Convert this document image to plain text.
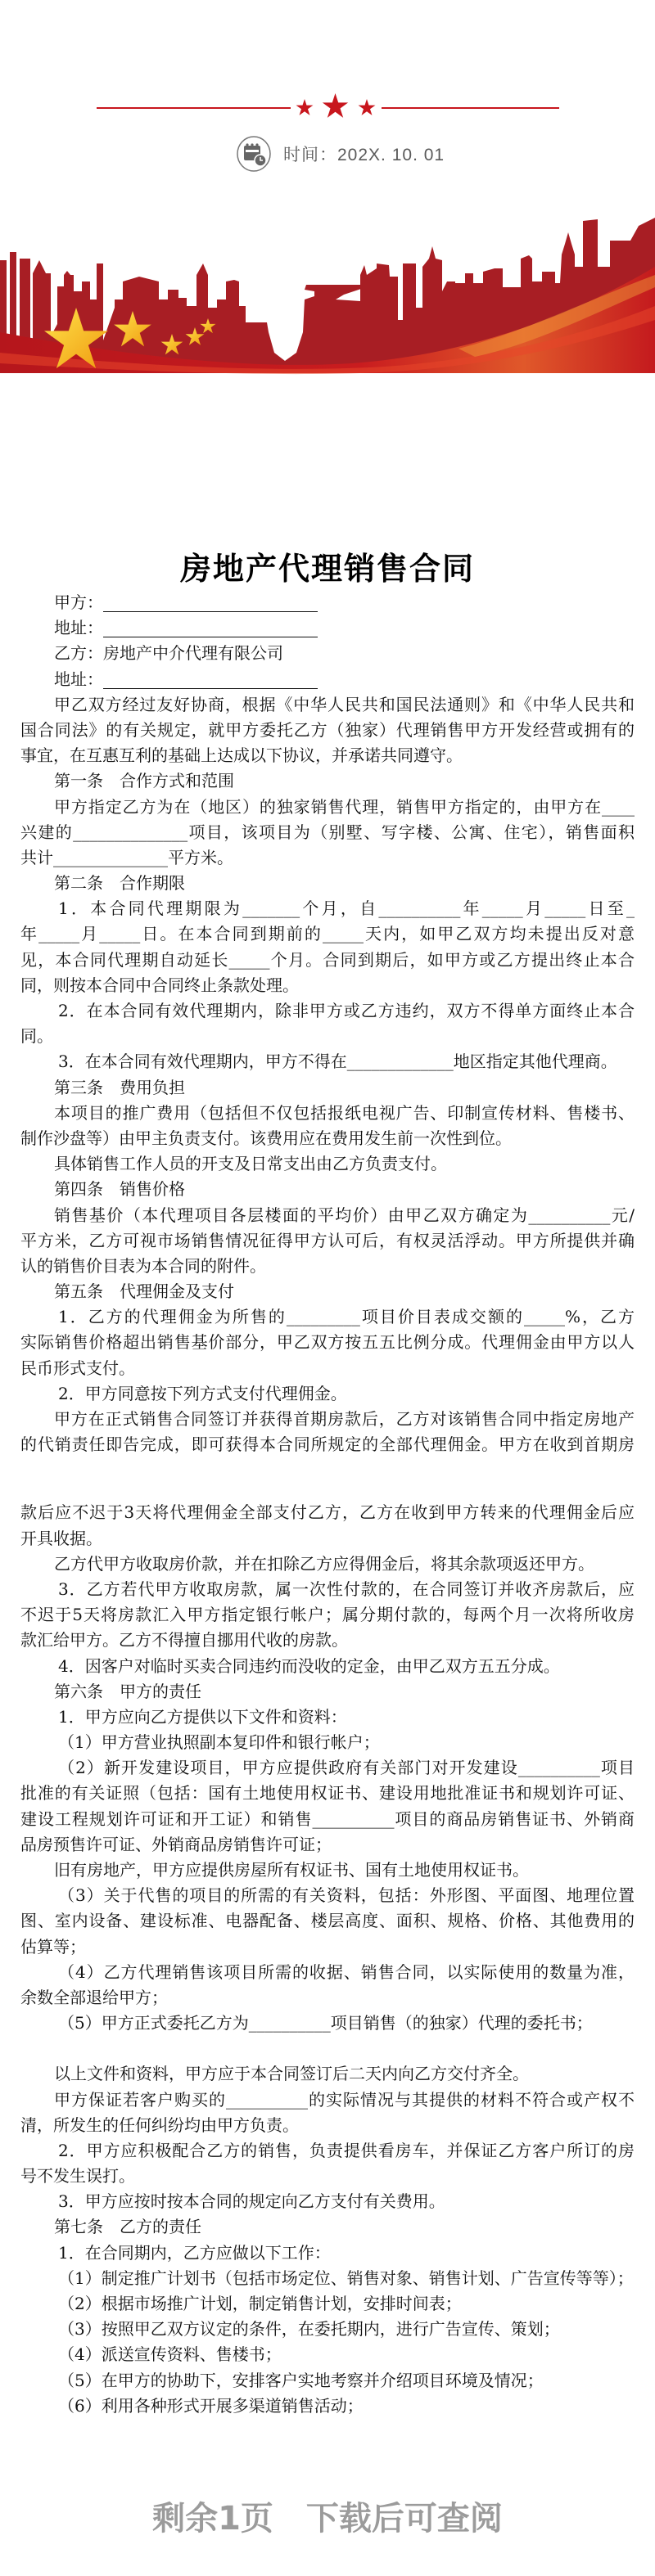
时间：202X. 10. 01
房地产代理销售合同
甲方：
地址：
乙方： 房地产中介代理有限公司
地址：
甲乙双方经过友好协商，根据《中华人民共和国民法通则》和《中华人民共和
国合同法》的有关规定，就甲方委托乙方（独家）代理销售甲方开发经营或拥有的
事宜，在互惠互利的基础上达成以下协议，并承诺共同遵守。
第一条　合作方式和范围
甲方指定乙方为在（地区）的独家销售代理，销售甲方指定的，由甲方在____
兴建的______________项目，该项目为（别墅、写字楼、公寓、住宅），销售面积
共计______________平方米。
第二条　合作期限
1．本合同代理期限为_______个月，自__________年_____月_____日至_
年_____月_____日。在本合同到期前的_____天内，如甲乙双方均未提出反对意
见，本合同代理期自动延长_____个月。合同到期后，如甲方或乙方提出终止本合
同，则按本合同中合同终止条款处理。
2．在本合同有效代理期内，除非甲方或乙方违约，双方不得单方面终止本合
同。
3．在本合同有效代理期内，甲方不得在_____________地区指定其他代理商。
第三条　费用负担
本项目的推广费用（包括但不仅包括报纸电视广告、印制宣传材料、售楼书、
制作沙盘等）由甲主负责支付。该费用应在费用发生前一次性到位。
具体销售工作人员的开支及日常支出由乙方负责支付。
第四条　销售价格
销售基价（本代理项目各层楼面的平均价）由甲乙双方确定为__________元/
平方米，乙方可视市场销售情况征得甲方认可后，有权灵活浮动。甲方所提供并确
认的销售价目表为本合同的附件。
第五条　代理佣金及支付
1．乙方的代理佣金为所售的_________项目价目表成交额的_____%，乙方
实际销售价格超出销售基价部分，甲乙双方按五五比例分成。代理佣金由甲方以人
民币形式支付。
2．甲方同意按下列方式支付代理佣金。
甲方在正式销售合同签订并获得首期房款后，乙方对该销售合同中指定房地产
的代销责任即告完成，即可获得本合同所规定的全部代理佣金。甲方在收到首期房
款后应不迟于3天将代理佣金全部支付乙方，乙方在收到甲方转来的代理佣金后应
开具收据。
乙方代甲方收取房价款，并在扣除乙方应得佣金后，将其余款项返还甲方。
3．乙方若代甲方收取房款，属一次性付款的，在合同签订并收齐房款后，应
不迟于5天将房款汇入甲方指定银行帐户；属分期付款的，每两个月一次将所收房
款汇给甲方。乙方不得擅自挪用代收的房款。
4．因客户对临时买卖合同违约而没收的定金，由甲乙双方五五分成。
第六条　甲方的责任
1．甲方应向乙方提供以下文件和资料：
（1）甲方营业执照副本复印件和银行帐户；
（2）新开发建设项目，甲方应提供政府有关部门对开发建设__________项目
批准的有关证照（包括：国有土地使用权证书、建设用地批准证书和规划许可证、
建设工程规划许可证和开工证）和销售__________项目的商品房销售证书、外销商
品房预售许可证、外销商品房销售许可证；
旧有房地产，甲方应提供房屋所有权证书、国有土地使用权证书。
（3）关于代售的项目的所需的有关资料，包括：外形图、平面图、地理位置
图、室内设备、建设标准、电器配备、楼层高度、面积、规格、价格、其他费用的
估算等；
（4）乙方代理销售该项目所需的收据、销售合同，以实际使用的数量为准，
余数全部退给甲方；
（5）甲方正式委托乙方为__________项目销售（的独家）代理的委托书；
以上文件和资料，甲方应于本合同签订后二天内向乙方交付齐全。
甲方保证若客户购买的__________的实际情况与其提供的材料不符合或产权不
清，所发生的任何纠纷均由甲方负责。
2．甲方应积极配合乙方的销售，负责提供看房车，并保证乙方客户所订的房
号不发生误打。
3．甲方应按时按本合同的规定向乙方支付有关费用。
第七条　乙方的责任
1．在合同期内，乙方应做以下工作：
（1）制定推广计划书（包括市场定位、销售对象、销售计划、广告宣传等等）；
（2）根据市场推广计划，制定销售计划，安排时间表；
（3）按照甲乙双方议定的条件，在委托期内，进行广告宣传、策划；
（4）派送宣传资料、售楼书；
（5）在甲方的协助下，安排客户实地考察并介绍项目环境及情况；
（6）利用各种形式开展多渠道销售活动；
剩余1页　下载后可查阅
